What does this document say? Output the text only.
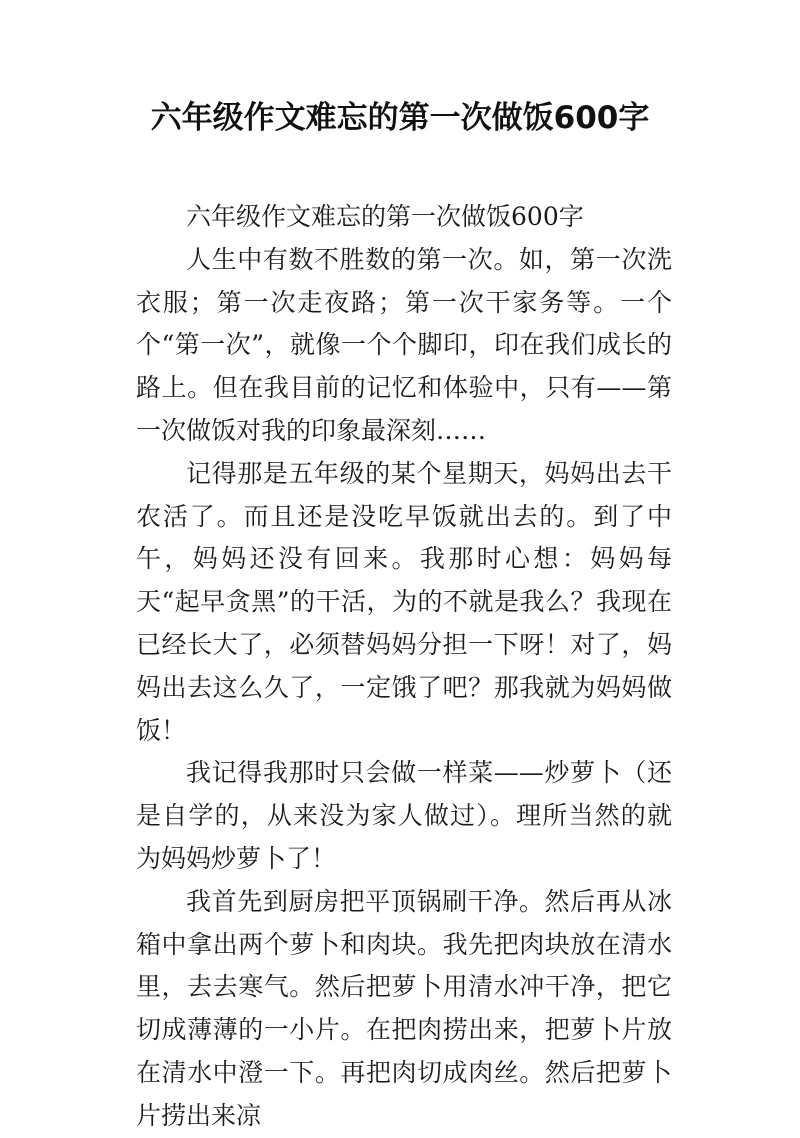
六年级作文难忘的第一次做饭600字

六年级作文难忘的第一次做饭600字

人生中有数不胜数的第一次。如，第一次洗衣服；第一次走夜路；第一次干家务等。一个个“第一次”，就像一个个脚印，印在我们成长的路上。但在我目前的记忆和体验中，只有——第一次做饭对我的印象最深刻……

记得那是五年级的某个星期天，妈妈出去干农活了。而且还是没吃早饭就出去的。到了中午，妈妈还没有回来。我那时心想：妈妈每天“起早贪黑”的干活，为的不就是我么？我现在已经长大了，必须替妈妈分担一下呀！对了，妈妈出去这么久了，一定饿了吧？那我就为妈妈做饭！

我记得我那时只会做一样菜——炒萝卜（还是自学的，从来没为家人做过）。理所当然的就为妈妈炒萝卜了！

我首先到厨房把平顶锅刷干净。然后再从冰箱中拿出两个萝卜和肉块。我先把肉块放在清水里，去去寒气。然后把萝卜用清水冲干净，把它切成薄薄的一小片。在把肉捞出来，把萝卜片放在清水中澄一下。再把肉切成肉丝。然后把萝卜片捞出来凉
